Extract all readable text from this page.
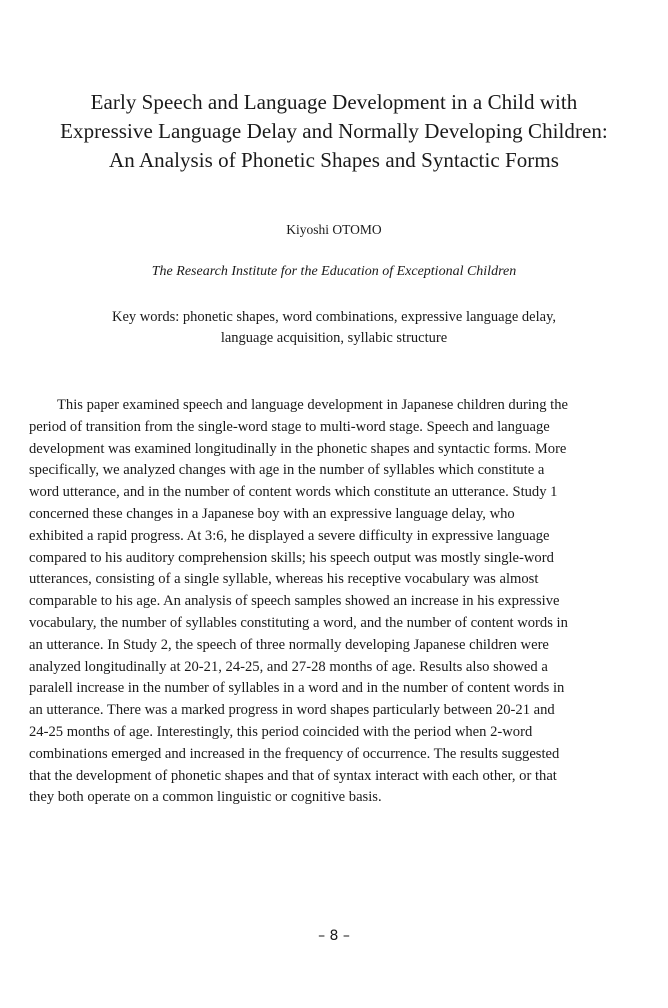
Early Speech and Language Development in a Child with
Expressive Language Delay and Normally Developing Children:
An Analysis of Phonetic Shapes and Syntactic Forms

Kiyoshi OTOMO

The Research Institute for the Education of Exceptional Children

Key words: phonetic shapes, word combinations, expressive language delay,
language acquisition, syllabic structure

This paper examined speech and language development in Japanese children during the
period of transition from the single-word stage to multi-word stage. Speech and language
development was examined longitudinally in the phonetic shapes and syntactic forms. More
specifically, we analyzed changes with age in the number of syllables which constitute a
word utterance, and in the number of content words which constitute an utterance. Study 1
concerned these changes in a Japanese boy with an expressive language delay, who
exhibited a rapid progress. At 3:6, he displayed a severe difficulty in expressive language
compared to his auditory comprehension skills; his speech output was mostly single-word
utterances, consisting of a single syllable, whereas his receptive vocabulary was almost
comparable to his age. An analysis of speech samples showed an increase in his expressive
vocabulary, the number of syllables constituting a word, and the number of content words in
an utterance. In Study 2, the speech of three normally developing Japanese children were
analyzed longitudinally at 20-21, 24-25, and 27-28 months of age. Results also showed a
paralell increase in the number of syllables in a word and in the number of content words in
an utterance. There was a marked progress in word shapes particularly between 20-21 and
24-25 months of age. Interestingly, this period coincided with the period when 2-word
combinations emerged and increased in the frequency of occurrence. The results suggested
that the development of phonetic shapes and that of syntax interact with each other, or that
they both operate on a common linguistic or cognitive basis.

– 8 –
